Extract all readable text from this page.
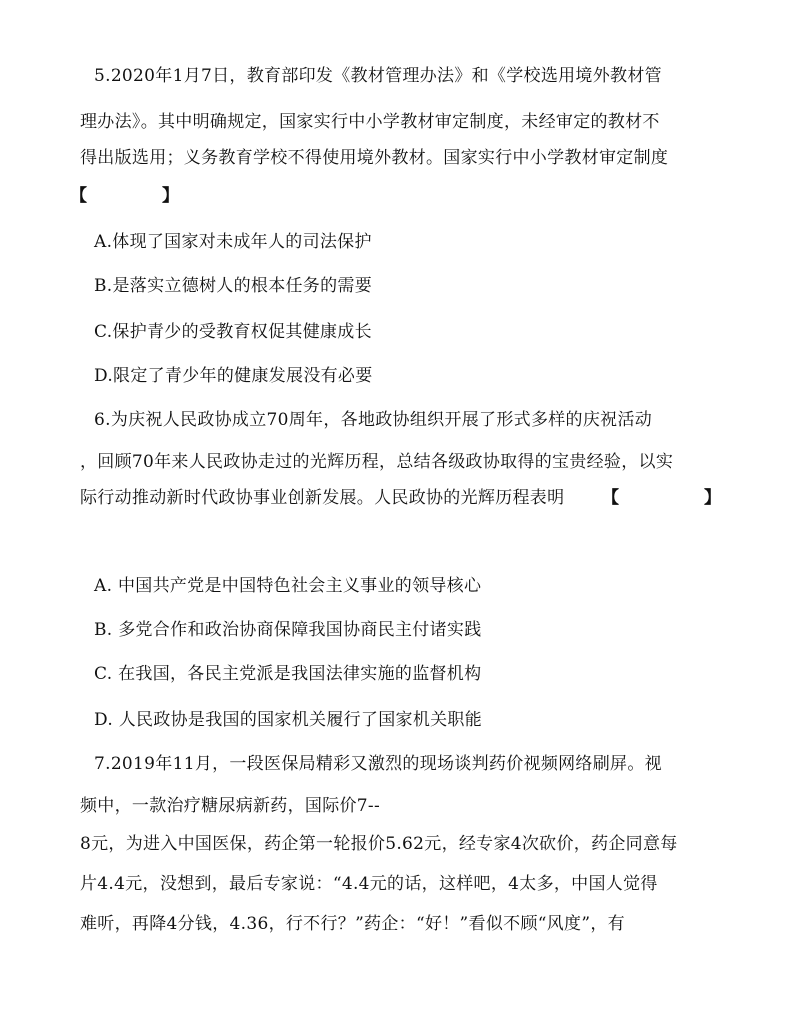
5.2020年1月7日，教育部印发《教材管理办法》和《学校选用境外教材管
理办法》。其中明确规定，国家实行中小学教材审定制度，未经审定的教材不
得出版选用；义务教育学校不得使用境外教材。国家实行中小学教材审定制度
【	】
A.体现了国家对未成年人的司法保护
B.是落实立德树人的根本任务的需要
C.保护青少的受教育权促其健康成长
D.限定了青少年的健康发展没有必要
6.为庆祝人民政协成立70周年，各地政协组织开展了形式多样的庆祝活动
，回顾70年来人民政协走过的光辉历程，总结各级政协取得的宝贵经验，以实
际行动推动新时代政协事业创新发展。人民政协的光辉历程表明 【	】
A. 中国共产党是中国特色社会主义事业的领导核心
B. 多党合作和政治协商保障我国协商民主付诸实践
C. 在我国，各民主党派是我国法律实施的监督机构
D. 人民政协是我国的国家机关履行了国家机关职能
7.2019年11月，一段医保局精彩又激烈的现场谈判药价视频网络刷屏。视
频中，一款治疗糖尿病新药，国际价7--
8元，为进入中国医保，药企第一轮报价5.62元，经专家4次砍价，药企同意每
片4.4元，没想到，最后专家说：“4.4元的话，这样吧，4太多，中国人觉得
难听，再降4分钱，4.36，行不行？”药企：“好！”看似不顾“风度”，有
